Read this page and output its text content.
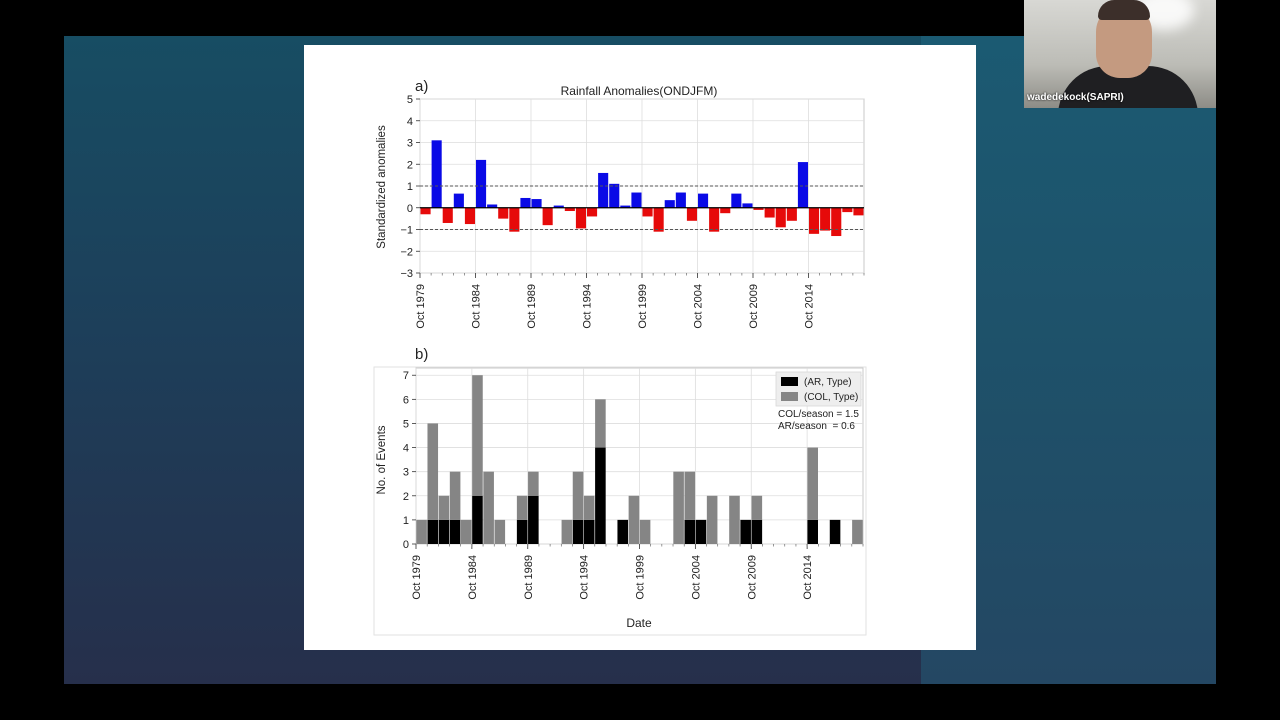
a)	Rainfall Anomalies(ONDJFM)
Standardized anomalies
5
4
3
2
1
0
−1
−2
−3
Oct 1979	Oct 1984	Oct 1989	Oct 1994	Oct 1999	Oct 2004	Oct 2009	Oct 2014
b)
No. of Events
Date
7
6
5
4
3
2
1
0
Oct 1979	Oct 1984	Oct 1989	Oct 1994	Oct 1999	Oct 2004	Oct 2009	Oct 2014
(AR, Type)
(COL, Type)
COL/season = 1.5
AR/season  = 0.6
wadedekock(SAPRI)
